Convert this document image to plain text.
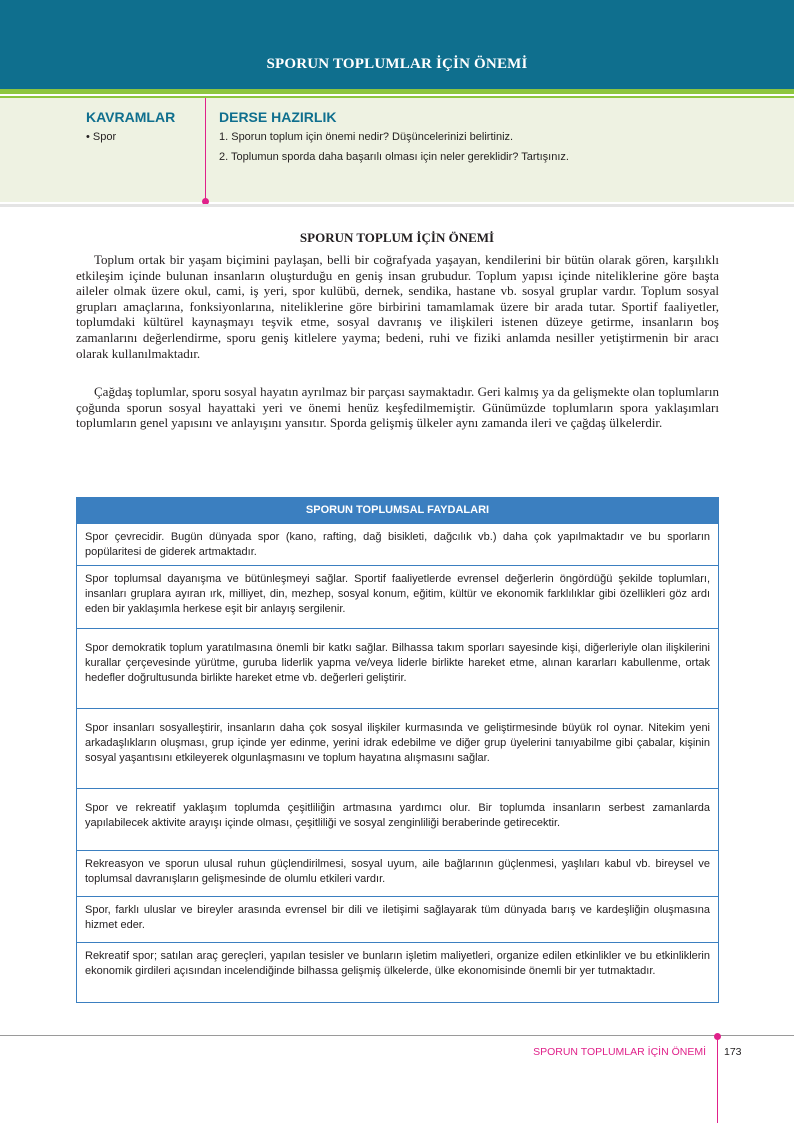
SPORUN TOPLUMLAR İÇİN ÖNEMİ
KAVRAMLAR
• Spor
DERSE HAZIRLIK
1. Sporun toplum için önemi nedir? Düşüncelerinizi belirtiniz.
2. Toplumun sporda daha başarılı olması için neler gereklidir? Tartışınız.
SPORUN TOPLUM İÇİN ÖNEMİ

Toplum ortak bir yaşam biçimini paylaşan, belli bir coğrafyada yaşayan, kendilerini bir bütün olarak gören, karşılıklı etkileşim içinde bulunan insanların oluşturduğu en geniş insan grubudur. Toplum yapısı içinde niteliklerine göre başta aileler olmak üzere okul, cami, iş yeri, spor kulübü, dernek, sendika, hastane vb. sosyal gruplar vardır. Toplum sosyal grupları amaçlarına, fonksiyonlarına, niteliklerine göre birbirini tamamlamak üzere bir arada tutar. Sportif faaliyetler, toplumdaki kültürel kaynaşmayı teşvik etme, sosyal davranış ve ilişkileri istenen düzeye getirme, insanların boş zamanlarını değerlendirme, sporu geniş kitlelere yayma; bedeni, ruhi ve fiziki anlamda nesiller yetiştirmenin bir aracı olarak kullanılmaktadır.

Çağdaş toplumlar, sporu sosyal hayatın ayrılmaz bir parçası saymaktadır. Geri kalmış ya da gelişmekte olan toplumların çoğunda sporun sosyal hayattaki yeri ve önemi henüz keşfedilmemiştir. Günümüzde toplumların spora yaklaşımları toplumların genel yapısını ve anlayışını yansıtır. Sporda gelişmiş ülkeler aynı zamanda ileri ve çağdaş ülkelerdir.

SPORUN TOPLUMSAL FAYDALARI
Spor çevrecidir. Bugün dünyada spor (kano, rafting, dağ bisikleti, dağcılık vb.) daha çok yapılmaktadır ve bu sporların popülaritesi de giderek artmaktadır.
Spor toplumsal dayanışma ve bütünleşmeyi sağlar. Sportif faaliyetlerde evrensel değerlerin öngördüğü şekilde toplumları, insanları gruplara ayıran ırk, milliyet, din, mezhep, sosyal konum, eğitim, kültür ve ekonomik farklılıklar gibi özellikleri göz ardı eden bir yaklaşımla herkese eşit bir anlayış sergilenir.
Spor demokratik toplum yaratılmasına önemli bir katkı sağlar. Bilhassa takım sporları sayesinde kişi, diğerleriyle olan ilişkilerini kurallar çerçevesinde yürütme, guruba liderlik yapma ve/veya liderle birlikte hareket etme, alınan kararları kabullenme, ortak hedefler doğrultusunda birlikte hareket etme vb. değerleri geliştirir.
Spor insanları sosyalleştirir, insanların daha çok sosyal ilişkiler kurmasında ve geliştirmesinde büyük rol oynar. Nitekim yeni arkadaşlıkların oluşması, grup içinde yer edinme, yerini idrak edebilme ve diğer grup üyelerini tanıyabilme gibi çabalar, kişinin sosyal yaşantısını etkileyerek olgunlaşmasını ve toplum hayatına alışmasını sağlar.
Spor ve rekreatif yaklaşım toplumda çeşitliliğin artmasına yardımcı olur. Bir toplumda insanların serbest zamanlarda yapılabilecek aktivite arayışı içinde olması, çeşitliliği ve sosyal zenginliliği beraberinde getirecektir.
Rekreasyon ve sporun ulusal ruhun güçlendirilmesi, sosyal uyum, aile bağlarının güçlenmesi, yaşlıları kabul vb. bireysel ve toplumsal davranışların gelişmesinde de olumlu etkileri vardır.
Spor, farklı uluslar ve bireyler arasında evrensel bir dili ve iletişimi sağlayarak tüm dünyada barış ve kardeşliğin oluşmasına hizmet eder.
Rekreatif spor; satılan araç gereçleri, yapılan tesisler ve bunların işletim maliyetleri, organize edilen etkinlikler ve bu etkinliklerin ekonomik girdileri açısından incelendiğinde bilhassa gelişmiş ülkelerde, ülke ekonomisinde önemli bir yer tutmaktadır.
SPORUN TOPLUMLAR İÇİN ÖNEMİ 173
